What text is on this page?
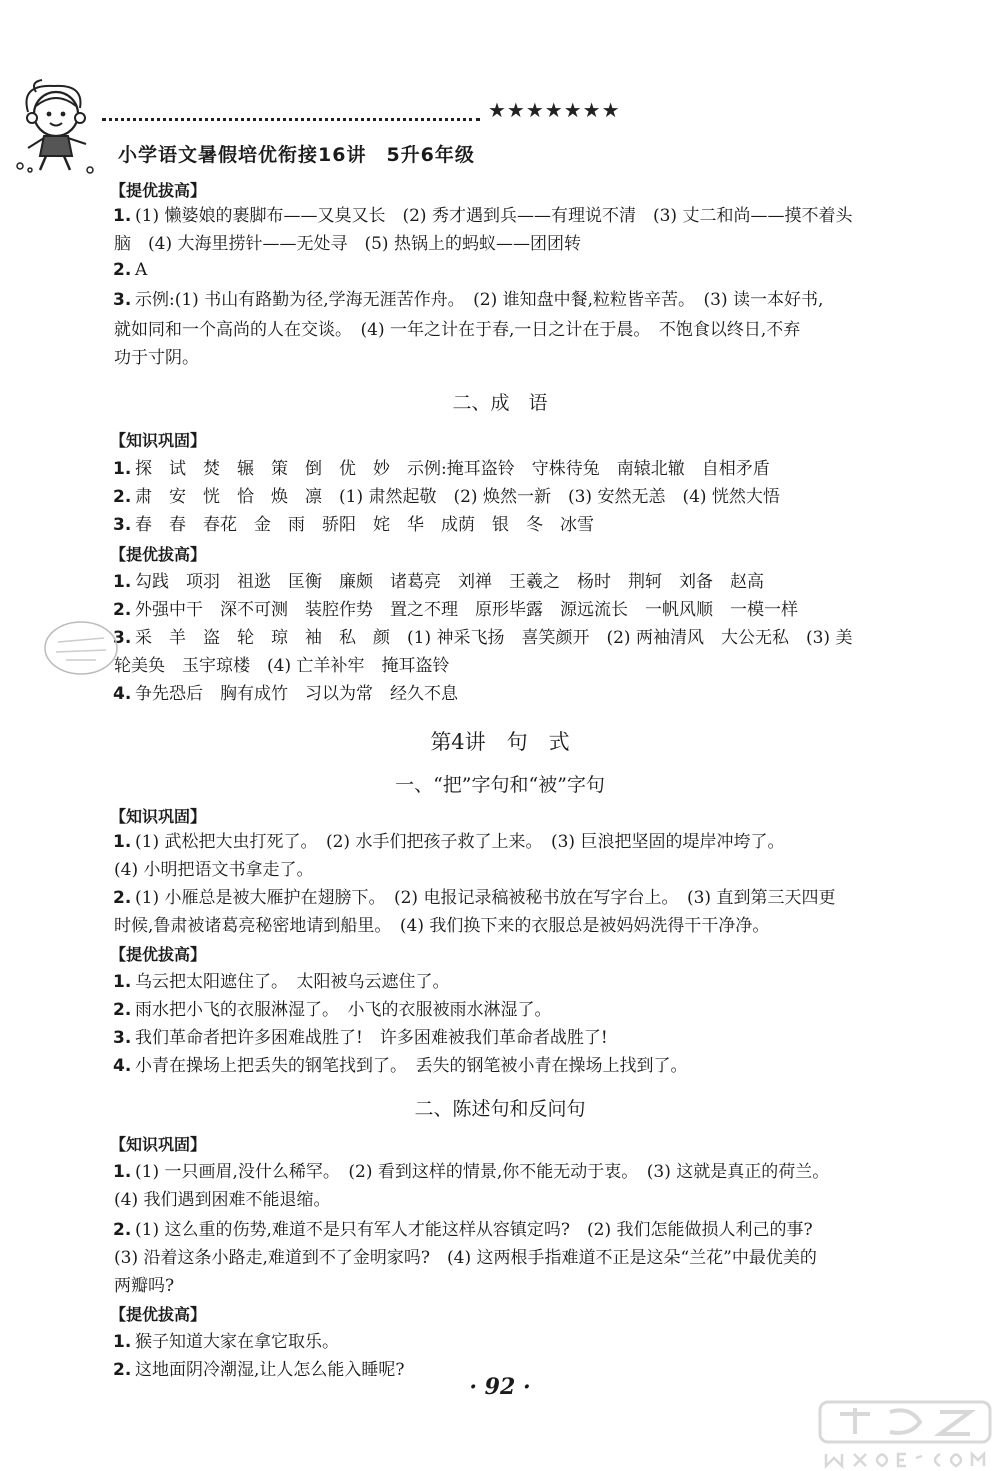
★★★★★★★
小学语文暑假培优衔接16讲　5升6年级
【提优拔高】
1. (1) 懒婆娘的裹脚布——又臭又长　(2) 秀才遇到兵——有理说不清　(3) 丈二和尚——摸不着头
脑　(4) 大海里捞针——无处寻　(5) 热锅上的蚂蚁——团团转
2. A
3. 示例:(1) 书山有路勤为径,学海无涯苦作舟。　(2) 谁知盘中餐,粒粒皆辛苦。　(3) 读一本好书,
就如同和一个高尚的人在交谈。　(4) 一年之计在于春,一日之计在于晨。　不饱食以终日,不弃
功于寸阴。
二、成　语
【知识巩固】
1. 探　试　焚　辗　策　倒　优　妙　示例:掩耳盗铃　守株待兔　南辕北辙　自相矛盾
2. 肃　安　恍　恰　焕　凛　(1) 肃然起敬　(2) 焕然一新　(3) 安然无恙　(4) 恍然大悟
3. 春　春　春花　金　雨　骄阳　姹　华　成荫　银　冬　冰雪
【提优拔高】
1. 勾践　项羽　祖逖　匡衡　廉颇　诸葛亮　刘禅　王羲之　杨时　荆轲　刘备　赵高
2. 外强中干　深不可测　装腔作势　置之不理　原形毕露　源远流长　一帆风顺　一模一样
3. 采　羊　盗　轮　琼　袖　私　颜　(1) 神采飞扬　喜笑颜开　(2) 两袖清风　大公无私　(3) 美
轮美奂　玉宇琼楼　(4) 亡羊补牢　掩耳盗铃
4. 争先恐后　胸有成竹　习以为常　经久不息
第4讲　句　式
一、“把”字句和“被”字句
【知识巩固】
1. (1) 武松把大虫打死了。　(2) 水手们把孩子救了上来。　(3) 巨浪把坚固的堤岸冲垮了。
(4) 小明把语文书拿走了。
2. (1) 小雁总是被大雁护在翅膀下。　(2) 电报记录稿被秘书放在写字台上。　(3) 直到第三天四更
时候,鲁肃被诸葛亮秘密地请到船里。　(4) 我们换下来的衣服总是被妈妈洗得干干净净。
【提优拔高】
1. 乌云把太阳遮住了。　太阳被乌云遮住了。
2. 雨水把小飞的衣服淋湿了。　小飞的衣服被雨水淋湿了。
3. 我们革命者把许多困难战胜了!　许多困难被我们革命者战胜了!
4. 小青在操场上把丢失的钢笔找到了。　丢失的钢笔被小青在操场上找到了。
二、陈述句和反问句
【知识巩固】
1. (1) 一只画眉,没什么稀罕。　(2) 看到这样的情景,你不能无动于衷。　(3) 这就是真正的荷兰。
(4) 我们遇到困难不能退缩。
2. (1) 这么重的伤势,难道不是只有军人才能这样从容镇定吗?　(2) 我们怎能做损人利己的事?
(3) 沿着这条小路走,难道到不了金明家吗?　(4) 这两根手指难道不正是这朵“兰花”中最优美的
两瓣吗?
【提优拔高】
1. 猴子知道大家在拿它取乐。
2. 这地面阴冷潮湿,让人怎么能入睡呢?
· 92 ·
